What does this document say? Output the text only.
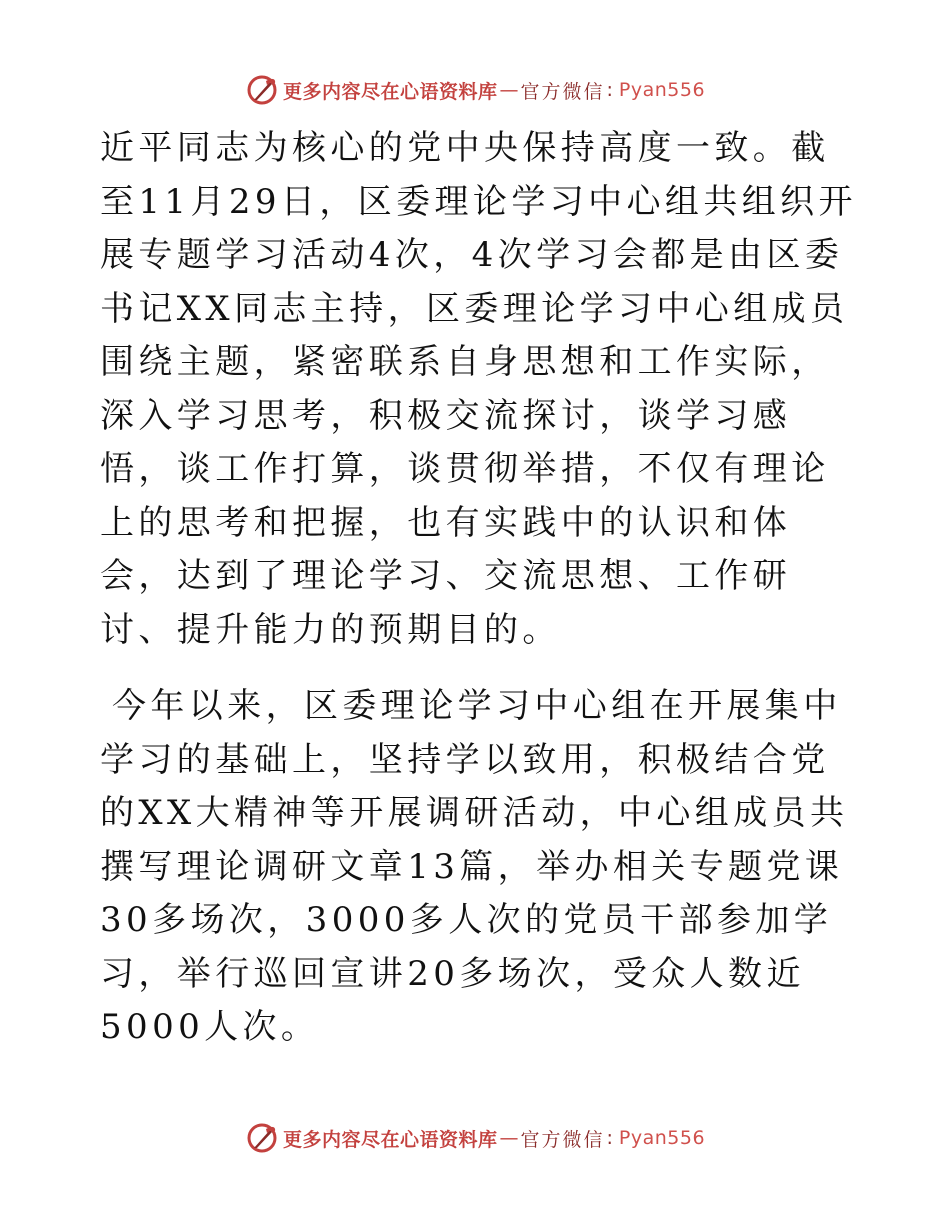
更多内容尽在心语资料库 — 官方微信 : Pyan556

近平同志为核心的党中央保持高度一致。截至11月29日，区委理论学习中心组共组织开展专题学习活动4次，4次学习会都是由区委书记XX同志主持，区委理论学习中心组成员围绕主题，紧密联系自身思想和工作实际，深入学习思考，积极交流探讨，谈学习感悟，谈工作打算，谈贯彻举措，不仅有理论上的思考和把握，也有实践中的认识和体会，达到了理论学习、交流思想、工作研讨、提升能力的预期目的。

今年以来，区委理论学习中心组在开展集中学习的基础上，坚持学以致用，积极结合党的XX大精神等开展调研活动，中心组成员共撰写理论调研文章13篇，举办相关专题党课30多场次，3000多人次的党员干部参加学习，举行巡回宣讲20多场次，受众人数近5000人次。

更多内容尽在心语资料库 — 官方微信 : Pyan556
